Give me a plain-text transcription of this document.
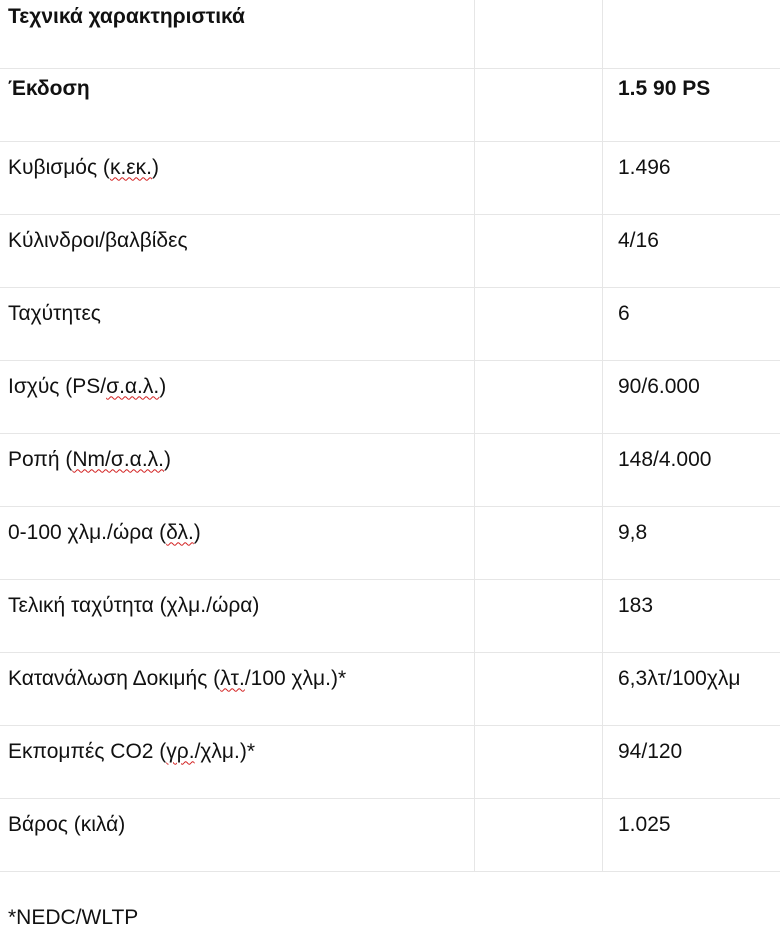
Τεχνικά χαρακτηριστικά		
Έκδοση		1.5 90 PS
Κυβισμός (κ.εκ.)		1.496
Κύλινδροι/βαλβίδες		4/16
Ταχύτητες		6
Ισχύς (PS/σ.α.λ.)		90/6.000
Ροπή (Nm/σ.α.λ.)		148/4.000
0-100 χλμ./ώρα (δλ.)		9,8
Τελική ταχύτητα (χλμ./ώρα)		183
Κατανάλωση Δοκιμής (λτ./100 χλμ.)*		6,3λτ/100χλμ
Εκπομπές CO2 (γρ./χλμ.)*		94/120
Βάρος (κιλά)		1.025
*NEDC/WLTP
